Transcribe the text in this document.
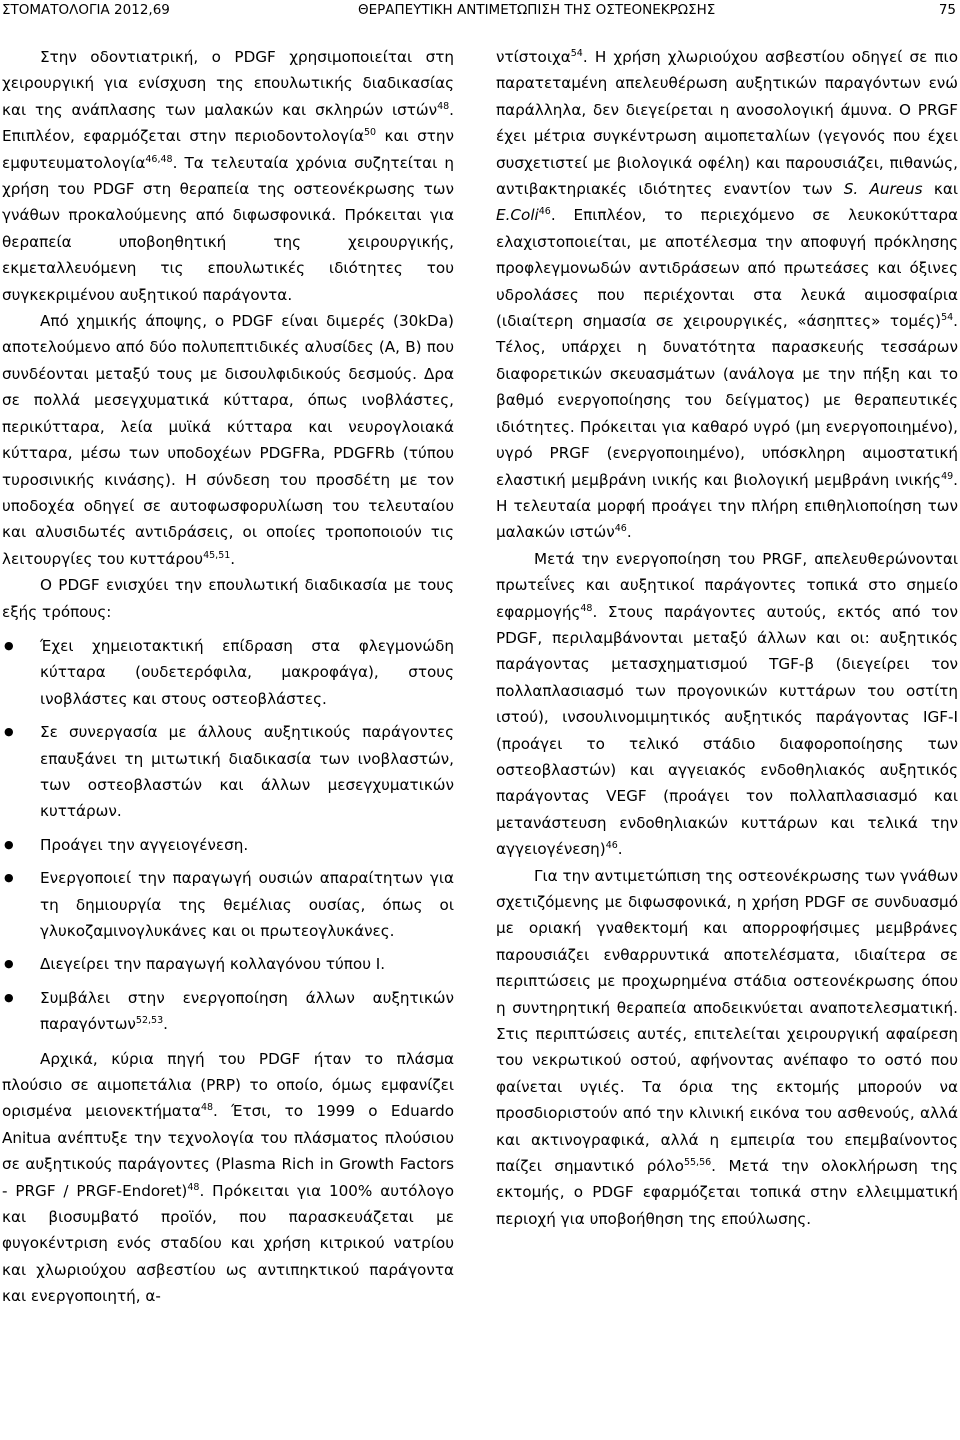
ΣΤΟΜΑΤΟΛΟΓΙΑ 2012,69	ΘΕΡΑΠΕΥΤΙΚΗ ΑΝΤΙΜΕΤΩΠΙΣΗ ΤΗΣ ΟΣΤΕΟΝΕΚΡΩΣΗΣ	75

Στην οδοντιατρική, ο PDGF χρησιμοποιείται στη χειρουργική για ενίσχυση της επουλωτικής διαδικασίας και της ανάπλασης των μαλακών και σκληρών ιστών$^{48}$. Επιπλέον, εφαρμόζεται στην περιοδοντολογία$^{50}$ και στην εμφυτευματολογία$^{46,48}$. Τα τελευταία χρόνια συζητείται η χρήση του PDGF στη θεραπεία της οστεονέκρωσης των γνάθων προκαλούμενης από διφωσφονικά. Πρόκειται για θεραπεία υποβοηθητική της χειρουργικής, εκμεταλλευόμενη τις επουλωτικές ιδιότητες του συγκεκριμένου αυξητικού παράγοντα.

Από χημικής άποψης, ο PDGF είναι διμερές (30kDa) αποτελούμενο από δύο πολυπεπτιδικές αλυσίδες (Α, Β) που συνδέονται μεταξύ τους με δισουλφιδικούς δεσμούς. Δρα σε πολλά μεσεγχυματικά κύτταρα, όπως ινοβλάστες, περικύτταρα, λεία μυϊκά κύτταρα και νευρογλοιακά κύτταρα, μέσω των υποδοχέων PDGFRa, PDGFRb (τύπου τυροσινικής κινάσης). Η σύνδεση του προσδέτη με τον υποδοχέα οδηγεί σε αυτοφωσφορυλίωση του τελευταίου και αλυσιδωτές αντιδράσεις, οι οποίες τροποποιούν τις λειτουργίες του κυττάρου$^{45,51}$.

Ο PDGF ενισχύει την επουλωτική διαδικασία με τους εξής τρόπους:

● Έχει χημειοτακτική επίδραση στα φλεγμονώδη κύτταρα (ουδετερόφιλα, μακροφάγα), στους ινοβλάστες και στους οστεοβλάστες.
● Σε συνεργασία με άλλους αυξητικούς παράγοντες επαυξάνει τη μιτωτική διαδικασία των ινοβλαστών, των οστεοβλαστών και άλλων μεσεγχυματικών κυττάρων.
● Προάγει την αγγειογένεση.
● Ενεργοποιεί την παραγωγή ουσιών απαραίτητων για τη δημιουργία της θεμέλιας ουσίας, όπως οι γλυκοζαμινογλυκάνες και οι πρωτεογλυκάνες.
● Διεγείρει την παραγωγή κολλαγόνου τύπου Ι.
● Συμβάλει στην ενεργοποίηση άλλων αυξητικών παραγόντων$^{52,53}$.

Αρχικά, κύρια πηγή του PDGF ήταν το πλάσμα πλούσιο σε αιμοπετάλια (PRP) το οποίο, όμως εμφανίζει ορισμένα μειονεκτήματα$^{48}$. Έτσι, το 1999 ο Eduardo Anitua ανέπτυξε την τεχνολογία του πλάσματος πλούσιου σε αυξητικούς παράγοντες (Plasma Rich in Growth Factors - PRGF / PRGF-Endoret)$^{48}$. Πρόκειται για 100% αυτόλογο και βιοσυμβατό προϊόν, που παρασκευάζεται με φυγοκέντριση ενός σταδίου και χρήση κιτρικού νατρίου και χλωριούχου ασβεστίου ως αντιπηκτικού παράγοντα και ενεργοποιητή, α-

ντίστοιχα$^{54}$. Η χρήση χλωριούχου ασβεστίου οδηγεί σε πιο παρατεταμένη απελευθέρωση αυξητικών παραγόντων ενώ παράλληλα, δεν διεγείρεται η ανοσολογική άμυνα. Ο PRGF έχει μέτρια συγκέντρωση αιμοπεταλίων (γεγονός που έχει συσχετιστεί με βιολογικά οφέλη) και παρουσιάζει, πιθανώς, αντιβακτηριακές ιδιότητες εναντίον των S. Aureus και E.Coli$^{46}$. Επιπλέον, το περιεχόμενο σε λευκοκύτταρα ελαχιστοποιείται, με αποτέλεσμα την αποφυγή πρόκλησης προφλεγμονωδών αντιδράσεων από πρωτεάσες και όξινες υδρολάσες που περιέχονται στα λευκά αιμοσφαίρια (ιδιαίτερη σημασία σε χειρουργικές, «άσηπτες» τομές)$^{54}$. Τέλος, υπάρχει η δυνατότητα παρασκευής τεσσάρων διαφορετικών σκευασμάτων (ανάλογα με την πήξη και το βαθμό ενεργοποίησης του δείγματος) με θεραπευτικές ιδιότητες. Πρόκειται για καθαρό υγρό (μη ενεργοποιημένο), υγρό PRGF (ενεργοποιημένο), υπόσκληρη αιμοστατική ελαστική μεμβράνη ινικής και βιολογική μεμβράνη ινικής$^{49}$. Η τελευταία μορφή προάγει την πλήρη επιθηλιοποίηση των μαλακών ιστών$^{46}$.

Μετά την ενεργοποίηση του PRGF, απελευθερώνονται πρωτεΐνες και αυξητικοί παράγοντες τοπικά στο σημείο εφαρμογής$^{48}$. Στους παράγοντες αυτούς, εκτός από τον PDGF, περιλαμβάνονται μεταξύ άλλων και οι: αυξητικός παράγοντας μετασχηματισμού TGF-β (διεγείρει τον πολλαπλασιασμό των προγονικών κυττάρων του οστίτη ιστού), ινσουλινομιμητικός αυξητικός παράγοντας IGF-I (προάγει το τελικό στάδιο διαφοροποίησης των οστεοβλαστών) και αγγειακός ενδοθηλιακός αυξητικός παράγοντας VEGF (προάγει τον πολλαπλασιασμό και μετανάστευση ενδοθηλιακών κυττάρων και τελικά την αγγειογένεση)$^{46}$.

Για την αντιμετώπιση της οστεονέκρωσης των γνάθων σχετιζόμενης με διφωσφονικά, η χρήση PDGF σε συνδυασμό με οριακή γναθεκτομή και απορροφήσιμες μεμβράνες παρουσιάζει ενθαρρυντικά αποτελέσματα, ιδιαίτερα σε περιπτώσεις με προχωρημένα στάδια οστεονέκρωσης όπου η συντηρητική θεραπεία αποδεικνύεται αναποτελεσματική. Στις περιπτώσεις αυτές, επιτελείται χειρουργική αφαίρεση του νεκρωτικού οστού, αφήνοντας ανέπαφο το οστό που φαίνεται υγιές. Τα όρια της εκτομής μπορούν να προσδιοριστούν από την κλινική εικόνα του ασθενούς, αλλά και ακτινογραφικά, αλλά η εμπειρία του επεμβαίνοντος παίζει σημαντικό ρόλο$^{55,56}$. Μετά την ολοκλήρωση της εκτομής, ο PDGF εφαρμόζεται τοπικά στην ελλειμματική περιοχή για υποβοήθηση της επούλωσης.
